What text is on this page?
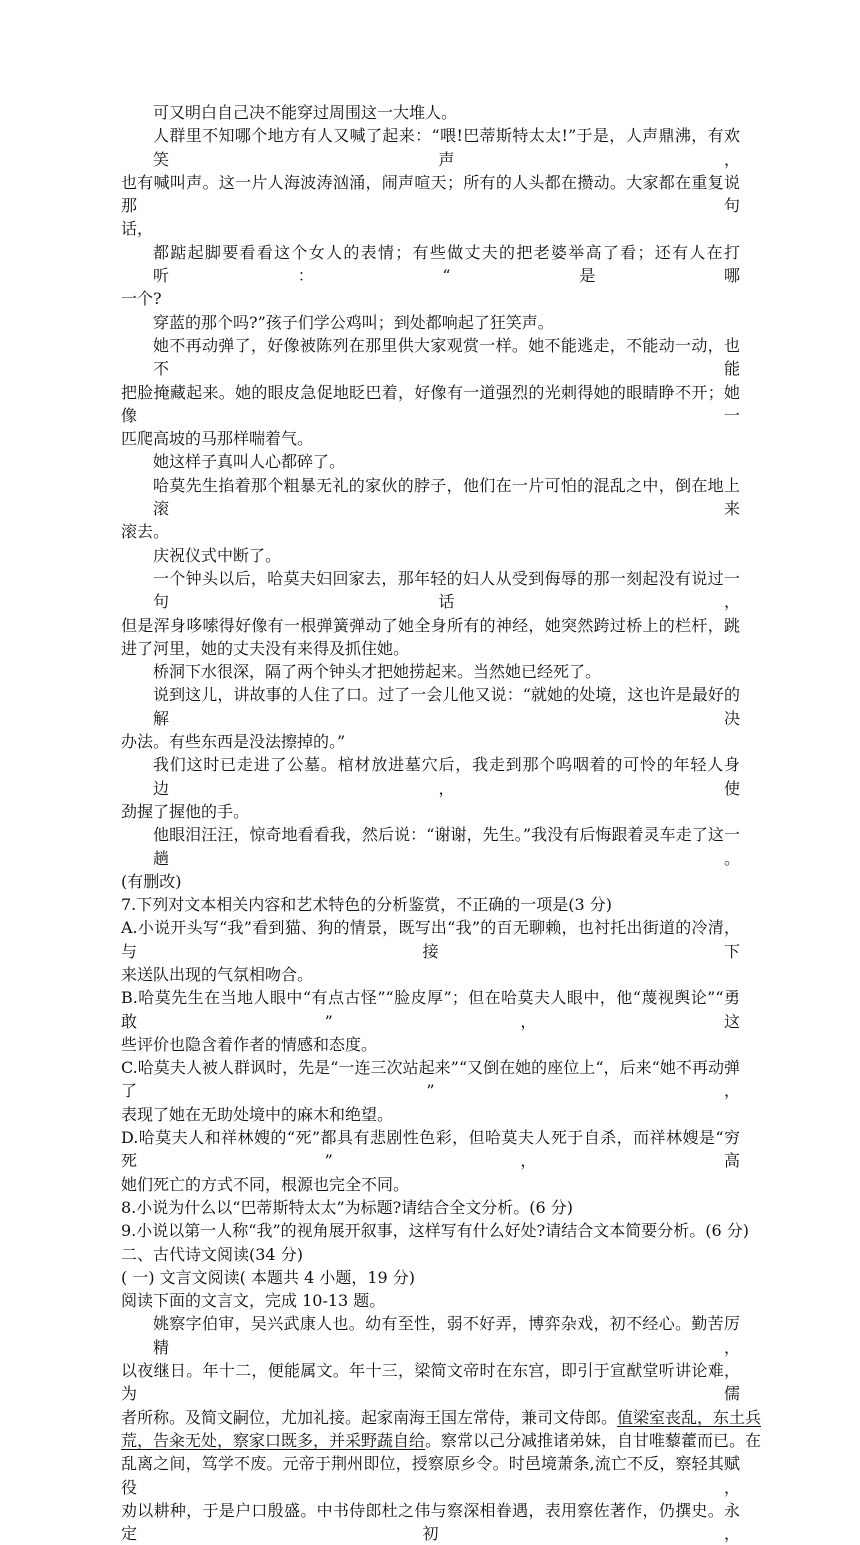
可又明白自己决不能穿过周围这一大堆人。

人群里不知哪个地方有人又喊了起来：“喂!巴蒂斯特太太!”于是，人声鼎沸，有欢笑声，

也有喊叫声。这一片人海波涛汹涌，闹声喧天；所有的人头都在攒动。大家都在重复说那句

话，

都踮起脚要看看这个女人的表情；有些做丈夫的把老婆举高了看；还有人在打听：“是哪

一个?

穿蓝的那个吗?”孩子们学公鸡叫；到处都响起了狂笑声。

她不再动弹了，好像被陈列在那里供大家观赏一样。她不能逃走，不能动一动，也不能

把脸掩藏起来。她的眼皮急促地眨巴着，好像有一道强烈的光刺得她的眼睛睁不开；她像一

匹爬高坡的马那样喘着气。

她这样子真叫人心都碎了。

哈莫先生掐着那个粗暴无礼的家伙的脖子，他们在一片可怕的混乱之中，倒在地上滚来

滚去。

庆祝仪式中断了。

一个钟头以后，哈莫夫妇回家去，那年轻的妇人从受到侮辱的那一刻起没有说过一句话，

但是浑身哆嗦得好像有一根弹簧弹动了她全身所有的神经，她突然跨过桥上的栏杆，跳

进了河里，她的丈夫没有来得及抓住她。

桥洞下水很深，隔了两个钟头才把她捞起来。当然她已经死了。

说到这儿，讲故事的人住了口。过了一会儿他又说：“就她的处境，这也许是最好的解决

办法。有些东西是没法擦掉的。”

我们这时已走进了公墓。棺材放进墓穴后，我走到那个呜咽着的可怜的年轻人身边，使

劲握了握他的手。

他眼泪汪汪，惊奇地看看我，然后说：“谢谢，先生。”我没有后悔跟着灵车走了这一趟。

(有删改)

7.下列对文本相关内容和艺术特色的分析鉴赏，不正确的一项是(3 分)

A.小说开头写“我”看到猫、狗的情景，既写出“我”的百无聊赖，也衬托出街道的冷清，与接下

来送队出现的气氛相吻合。

B.哈莫先生在当地人眼中“有点古怪”“脸皮厚”；但在哈莫夫人眼中，他“蔑视舆论”“勇敢”，这

些评价也隐含着作者的情感和态度。

C.哈莫夫人被人群讽时，先是“一连三次站起来”“又倒在她的座位上“，后来“她不再动弹了”，

表现了她在无助处境中的麻木和绝望。

D.哈莫夫人和祥林嫂的“死”都具有悲剧性色彩，但哈莫夫人死于自杀，而祥林嫂是“穷死”，高

她们死亡的方式不同，根源也完全不同。

8.小说为什么以“巴蒂斯特太太”为标题?请结合全文分析。(6 分)

9.小说以第一人称“我”的视角展开叙事，这样写有什么好处?请结合文本简要分析。(6 分)

二、古代诗文阅读(34 分)

( 一) 文言文阅读( 本题共 4 小题，19 分)

阅读下面的文言文，完成 10-13 题。

姚察字伯审，吴兴武康人也。幼有至性，弱不好弄，博弈杂戏，初不经心。勤苦厉精，

以夜继日。年十二，便能属文。年十三，梁简文帝时在东宫，即引于宣猷堂听讲论难，为儒

者所称。及简文嗣位，尤加礼接。起家南海王国左常侍，兼司文侍郎。值梁室丧乱，东土兵

荒，告籴无处，察家口既多，并采野蔬自给。察常以己分减推诸弟妹，自甘唯藜藿而已。在

乱离之间，笃学不废。元帝于荆州即位，授察原乡令。时邑境萧条,流亡不反，察轻其赋役，

劝以耕种，于是户口殷盛。中书侍郎杜之伟与察深相眷遇，表用察佐著作，仍撰史。永定初，
